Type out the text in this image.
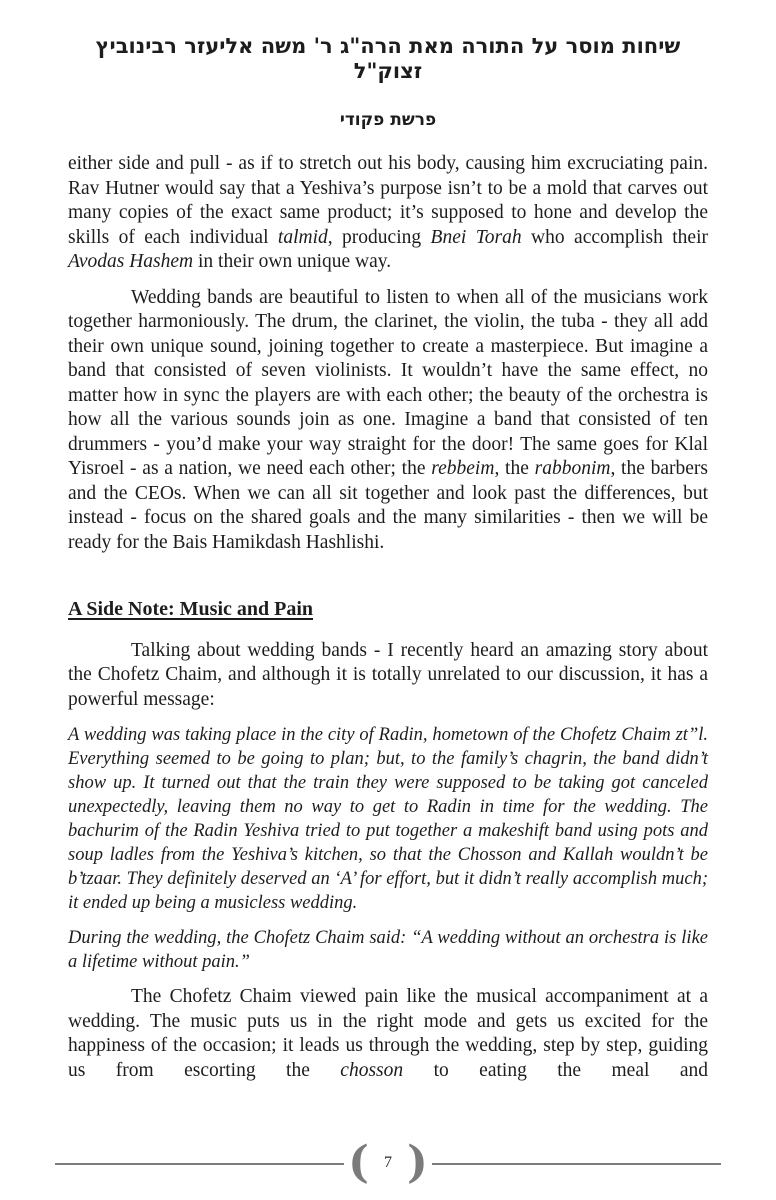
שיחות מוסר על התורה מאת הרה"ג ר' משה אליעזר רבינוביץ זצוק"ל
פרשת פקודי

either side and pull - as if to stretch out his body, causing him excruciating pain. Rav Hutner would say that a Yeshiva’s purpose isn’t to be a mold that carves out many copies of the exact same product; it’s supposed to hone and develop the skills of each individual talmid, producing Bnei Torah who accomplish their Avodas Hashem in their own unique way.

Wedding bands are beautiful to listen to when all of the musicians work together harmoniously. The drum, the clarinet, the violin, the tuba - they all add their own unique sound, joining together to create a masterpiece. But imagine a band that consisted of seven violinists. It wouldn’t have the same effect, no matter how in sync the players are with each other; the beauty of the orchestra is how all the various sounds join as one. Imagine a band that consisted of ten drummers - you’d make your way straight for the door! The same goes for Klal Yisroel - as a nation, we need each other; the rebbeim, the rabbonim, the barbers and the CEOs. When we can all sit together and look past the differences, but instead - focus on the shared goals and the many similarities - then we will be ready for the Bais Hamikdash Hashlishi.

A Side Note: Music and Pain

Talking about wedding bands - I recently heard an amazing story about the Chofetz Chaim, and although it is totally unrelated to our discussion, it has a powerful message:

A wedding was taking place in the city of Radin, hometown of the Chofetz Chaim zt”l. Everything seemed to be going to plan; but, to the family’s chagrin, the band didn’t show up. It turned out that the train they were supposed to be taking got canceled unexpectedly, leaving them no way to get to Radin in time for the wedding. The bachurim of the Radin Yeshiva tried to put together a makeshift band using pots and soup ladles from the Yeshiva’s kitchen, so that the Chosson and Kallah wouldn’t be b’tzaar. They definitely deserved an ‘A’ for effort, but it didn’t really accomplish much; it ended up being a musicless wedding.

During the wedding, the Chofetz Chaim said: “A wedding without an orchestra is like a lifetime without pain.”

The Chofetz Chaim viewed pain like the musical accompaniment at a wedding. The music puts us in the right mode and gets us excited for the happiness of the occasion; it leads us through the wedding, step by step, guiding us from escorting the chosson to eating the meal and

( 7 )
